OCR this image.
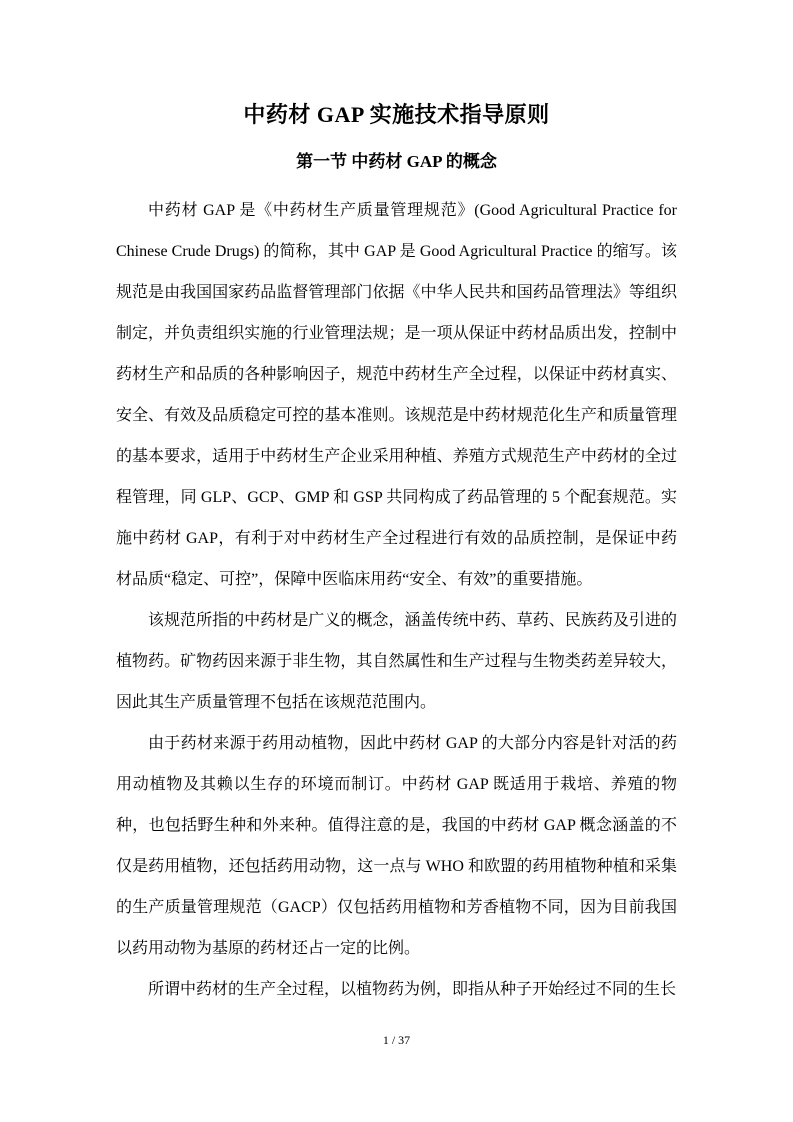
中药材 GAP 实施技术指导原则
第一节 中药材 GAP 的概念

中药材 GAP 是《中药材生产质量管理规范》(Good Agricultural Practice for Chinese Crude Drugs) 的简称，其中 GAP 是 Good Agricultural Practice 的缩写。该规范是由我国国家药品监督管理部门依据《中华人民共和国药品管理法》等组织制定，并负责组织实施的行业管理法规；是一项从保证中药材品质出发，控制中药材生产和品质的各种影响因子，规范中药材生产全过程，以保证中药材真实、安全、有效及品质稳定可控的基本准则。该规范是中药材规范化生产和质量管理的基本要求，适用于中药材生产企业采用种植、养殖方式规范生产中药材的全过程管理，同 GLP、GCP、GMP 和 GSP 共同构成了药品管理的 5 个配套规范。实施中药材 GAP，有利于对中药材生产全过程进行有效的品质控制，是保证中药材品质“稳定、可控”，保障中医临床用药“安全、有效”的重要措施。

该规范所指的中药材是广义的概念，涵盖传统中药、草药、民族药及引进的植物药。矿物药因来源于非生物，其自然属性和生产过程与生物类药差异较大，因此其生产质量管理不包括在该规范范围内。

由于药材来源于药用动植物，因此中药材 GAP 的大部分内容是针对活的药用动植物及其赖以生存的环境而制订。中药材 GAP 既适用于栽培、养殖的物种，也包括野生种和外来种。值得注意的是，我国的中药材 GAP 概念涵盖的不仅是药用植物，还包括药用动物，这一点与 WHO 和欧盟的药用植物种植和采集的生产质量管理规范（GACP）仅包括药用植物和芳香植物不同，因为目前我国以药用动物为基原的药材还占一定的比例。

所谓中药材的生产全过程，以植物药为例，即指从种子开始经过不同的生长

1 / 37
